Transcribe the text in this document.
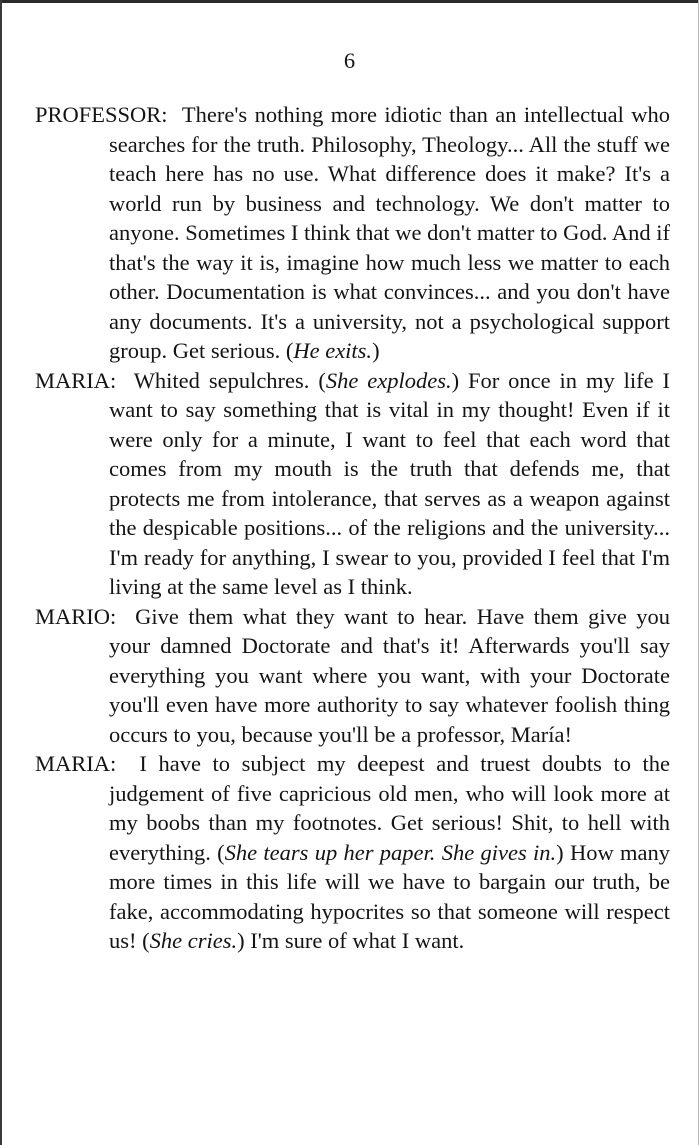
6

PROFESSOR: There's nothing more idiotic than an intellectual who searches for the truth. Philosophy, Theology... All the stuff we teach here has no use. What difference does it make? It's a world run by business and technology. We don't matter to anyone. Sometimes I think that we don't matter to God. And if that's the way it is, imagine how much less we matter to each other. Documentation is what convinces... and you don't have any documents. It's a university, not a psychological support group. Get serious. (He exits.)

MARIA: Whited sepulchres. (She explodes.) For once in my life I want to say something that is vital in my thought! Even if it were only for a minute, I want to feel that each word that comes from my mouth is the truth that defends me, that protects me from intolerance, that serves as a weapon against the despicable positions... of the religions and the university... I'm ready for anything, I swear to you, provided I feel that I'm living at the same level as I think.

MARIO: Give them what they want to hear. Have them give you your damned Doctorate and that's it! Afterwards you'll say everything you want where you want, with your Doctorate you'll even have more authority to say whatever foolish thing occurs to you, because you'll be a professor, María!

MARIA: I have to subject my deepest and truest doubts to the judgement of five capricious old men, who will look more at my boobs than my footnotes. Get serious! Shit, to hell with everything. (She tears up her paper. She gives in.) How many more times in this life will we have to bargain our truth, be fake, accommodating hypocrites so that someone will respect us! (She cries.) I'm sure of what I want.
